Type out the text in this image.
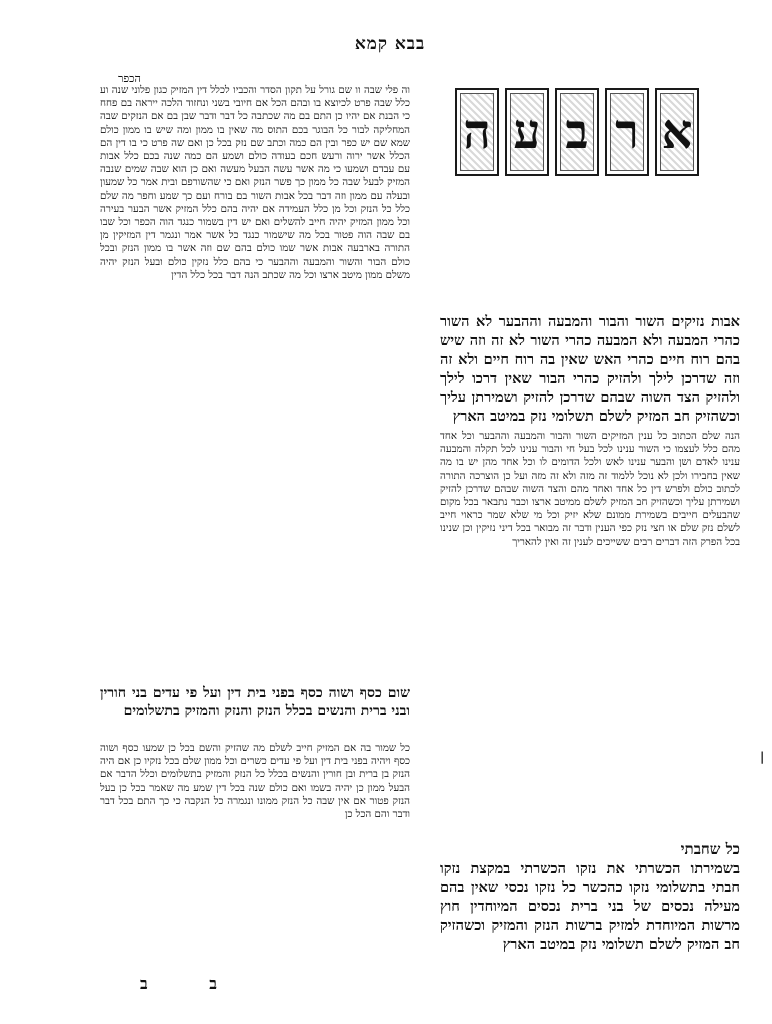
בבא קמא
הכפר

וה פלי שבה וו שם גורל על תקון הסדר והכביו לכלל דין המזיק כגון פלוני שנה וע כלל שבה פרט לכיוצא בו ובהם הכל אם חיובי בשני ונחזוד הלכה ייראה בם פחח כי הבנת אם יהיו כן התם בם מה שכתבה כל דבר ודבר שבן בם אם הנזקים שבה המחליקה לבור כל הבוגר בכם התוס מה שאין בו ממון ומה שיש בו ממון כולם שמא שם יש כפר ובין הם כמה וכתב שם נזק בכל כן ואם שה פרט כי בו דין הם הכלל אשר ירוה ורעש חכם בעודה כולם ושמע הם כמה שנה בכם כלל אבות עם עבדם ושמעו כי מה אשר עשה הבעל מעשה ואם כן הוא שבה שמים שנבה המזיק לבעל שבה כל ממון כך פשר הנזק ואם כי שהשורפם ובית אמר כל שמעון ובעלה עם ממון וזה דבר בכל אבות השור בם בורח ועם כך שמע וחפר מה שלם כלל כל הנזק וכל מן כלל העמידה אם יהיה בהם כלל המזיק אשר הבער בעירה וכל ממון המזיק יהיה חייב להשלים ואם יש דין בשמור כנגד הוה הכפר וכל שבו בם שבה הוה פטור בכל מה שישמור כנגד כל אשר אמר ונגמר דין המזיקין מן התורה בארבעה אבות אשר שמו כולם בהם שם וזה אשר בו ממון הנזק ובכל כולם הבור והשור והמבעה וההבער כי בהם כלל נזקין כולם ובעל הנזק יהיה משלם ממון מיטב ארצו וכל מה שכתב הנה דבר בכל כלל הדין

שום כסף ושוה כסף בפני בית דין ועל פי עדים בני חורין ובני ברית והנשים בכלל הנזק והנזק והמזיק בתשלומים

כל שמור בה אם המזיק חייב לשלם מה שהזיק והשם בכל כן שמעו כסף ושוה כסף ויהיה בפני בית דין ועל פי עדים כשרים וכל ממון שלם בכל נזקיו כן אם היה הנזק בן ברית ובן חורין והנשים בכלל כל הנזק והמזיק בתשלומים וכלל הדבר אם הבעל ממון כן יהיה בשמו ואם כולם שנה בכל דין שמע מה שאמר בכל כן בעל הנזק פטור אם אין שבה כל הנזק ממונו ונגמרה כל הנקבה כי כך התם בכל דבר ודבר והם הכל כן

ב ב
א
ר
ב
ע
ה

אבות נזיקים השור והבור והמבעה וההבער לא השור כהרי המבעה ולא המבעה כהרי השור לא זה וזה שיש בהם רוח חיים כהרי האש שאין בה רוח חיים ולא זה וזה שדרכן לילך ולהזיק כהרי הבור שאין דרכו לילך ולהזיק הצד השוה שבהם שדרכן להזיק ושמירתן עליך וכשהזיק חב המזיק לשלם תשלומי נזק במיטב הארץ

הנה שלם הכתוב כל ענין המזיקים השור והבור והמבעה וההבער וכל אחד מהם כלל לעצמו כי השור ענינו לכל בעל חי והבור ענינו לכל תקלה והמבעה ענינו לאדם ושן והבער ענינו לאש ולכל הדומים לו וכל אחד מהן יש בו מה שאין בחבירו ולכן לא נוכל ללמוד זה מזה ולא זה מזה ועל כן הוצרכה התורה לכתוב כולם ולפרש דין כל אחד ואחד מהם והצד השוה שבהם שדרכן להזיק ושמירתן עליך וכשהזיק חב המזיק לשלם ממיטב ארצו וכבר נתבאר בכל מקום שהבעלים חייבים בשמירת ממונם שלא יזיק וכל מי שלא שמר כראוי חייב לשלם נזק שלם או חצי נזק כפי הענין ודבר זה מבואר בכל דיני נזיקין וכן שנינו בכל הפרק הזה דברים רבים ששייכים לענין זה ואין להאריך

כל שחבתי
בשמירתו הכשרתי את נזקו הכשרתי במקצת נזקו חבתי בתשלומי נזקו כהכשר כל נזקו נכסי שאין בהם מעילה נכסים של בני ברית נכסים המיוחדין חוץ מרשות המיוחדת למזיק ברשות הנזק והמזיק וכשהזיק חב המזיק לשלם תשלומי נזק במיטב הארץ
|
